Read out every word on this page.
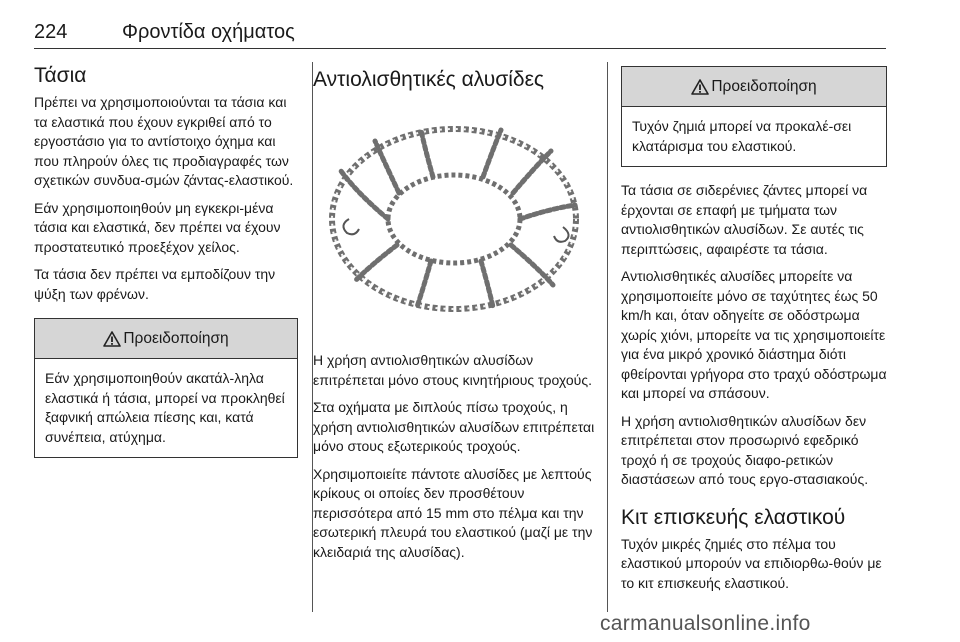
224	Φροντίδα οχήματος
Τάσια

Πρέπει να χρησιμοποιούνται τα τάσια και τα ελαστικά που έχουν εγκριθεί από το εργοστάσιο για το αντίστοιχο όχημα και που πληρούν όλες τις προδιαγραφές των σχετικών συνδυα-σμών ζάντας-ελαστικού.

Εάν χρησιμοποιηθούν μη εγκεκρι-μένα τάσια και ελαστικά, δεν πρέπει να έχουν προστατευτικό προεξέχον χείλος.

Τα τάσια δεν πρέπει να εμποδίζουν την ψύξη των φρένων.

Προειδοποίηση

Εάν χρησιμοποιηθούν ακατάλ-ληλα ελαστικά ή τάσια, μπορεί να προκληθεί ξαφνική απώλεια πίεσης και, κατά συνέπεια, ατύχημα.

Αντιολισθητικές αλυσίδες

Η χρήση αντιολισθητικών αλυσίδων επιτρέπεται μόνο στους κινητήριους τροχούς.

Στα οχήματα με διπλούς πίσω τροχούς, η χρήση αντιολισθητικών αλυσίδων επιτρέπεται μόνο στους εξωτερικούς τροχούς.

Χρησιμοποιείτε πάντοτε αλυσίδες με λεπτούς κρίκους οι οποίες δεν προσθέτουν περισσότερα από 15 mm στο πέλμα και την εσωτερική πλευρά του ελαστικού (μαζί με την κλειδαριά της αλυσίδας).

Προειδοποίηση

Τυχόν ζημιά μπορεί να προκαλέ-σει κλατάρισμα του ελαστικού.

Τα τάσια σε σιδερένιες ζάντες μπορεί να έρχονται σε επαφή με τμήματα των αντιολισθητικών αλυσίδων. Σε αυτές τις περιπτώσεις, αφαιρέστε τα τάσια.

Αντιολισθητικές αλυσίδες μπορείτε να χρησιμοποιείτε μόνο σε ταχύτητες έως 50 km/h και, όταν οδηγείτε σε οδόστρωμα χωρίς χιόνι, μπορείτε να τις χρησιμοποιείτε για ένα μικρό χρονικό διάστημα διότι φθείρονται γρήγορα στο τραχύ οδόστρωμα και μπορεί να σπάσουν.

Η χρήση αντιολισθητικών αλυσίδων δεν επιτρέπεται στον προσωρινό εφεδρικό τροχό ή σε τροχούς διαφο-ρετικών διαστάσεων από τους εργο-στασιακούς.

Κιτ επισκευής ελαστικού

Τυχόν μικρές ζημιές στο πέλμα του ελαστικού μπορούν να επιδιορθω-θούν με το κιτ επισκευής ελαστικού.

carmanualsonline.info
